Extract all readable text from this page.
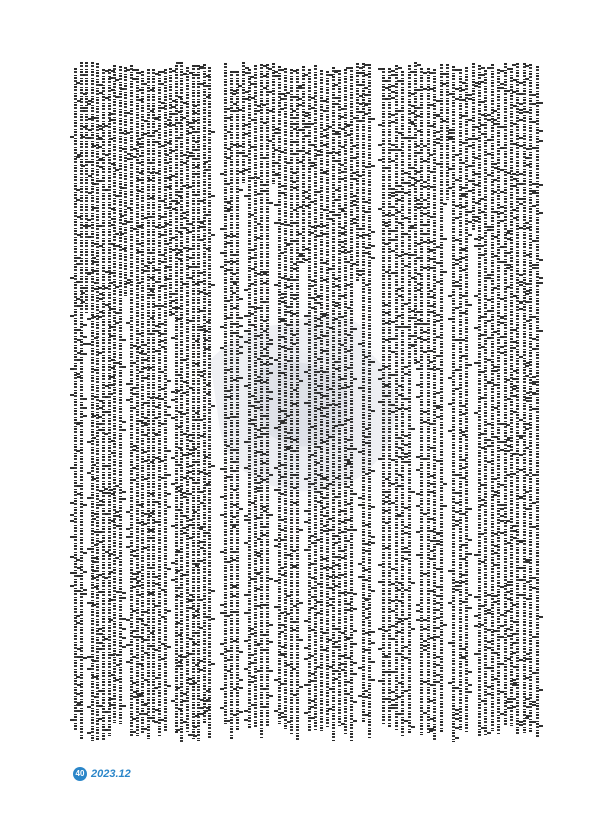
40 2023.12
